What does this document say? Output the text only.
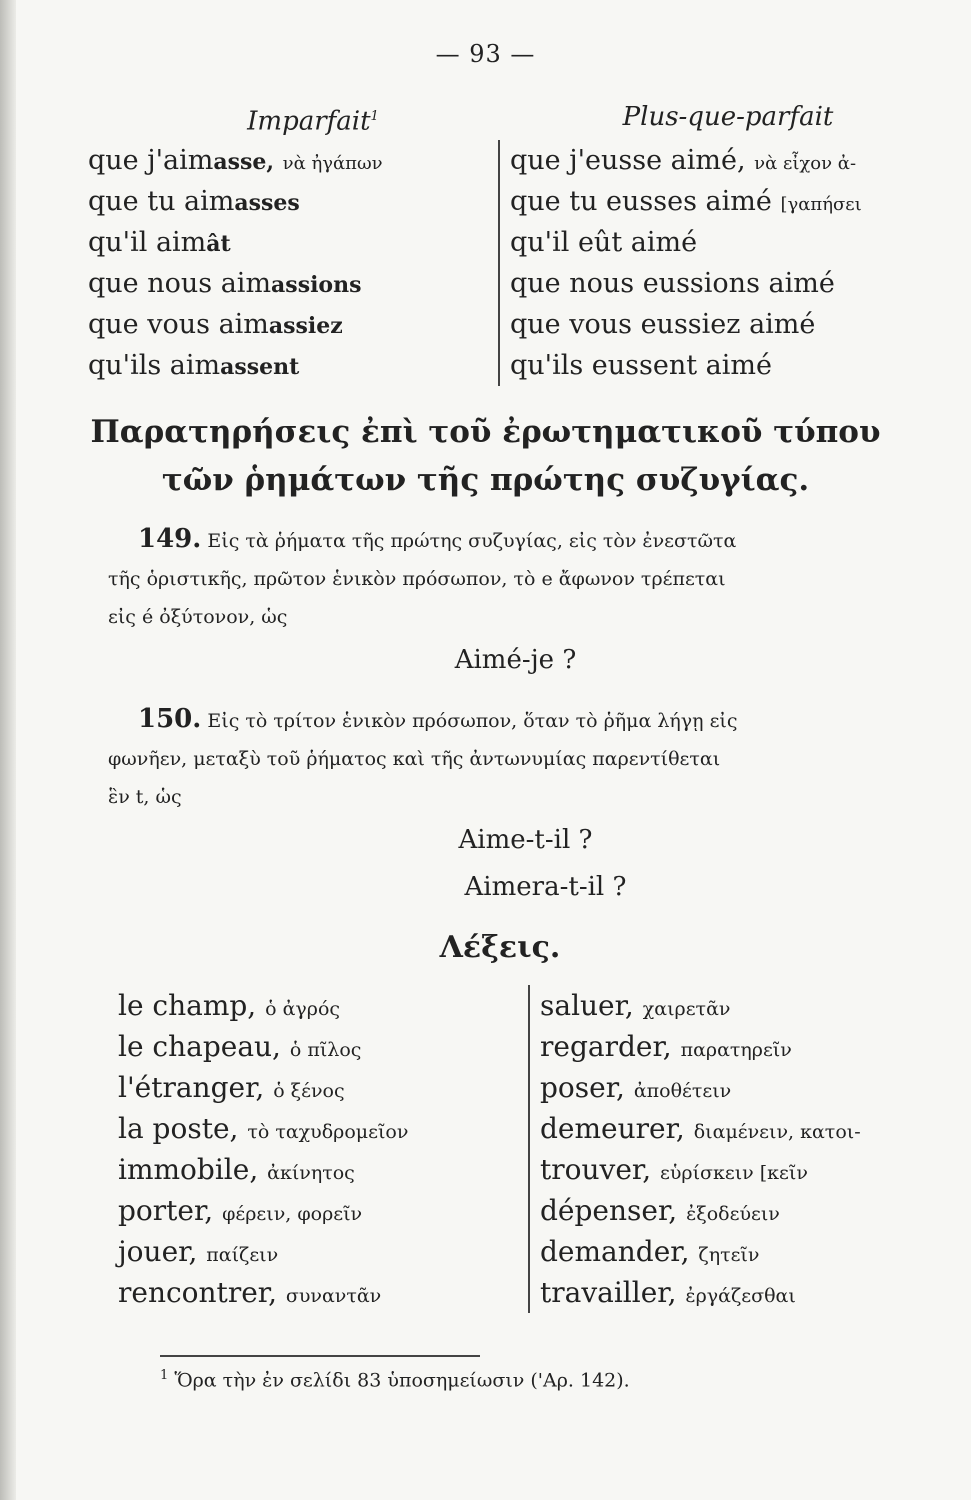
— 93 —
Imparfait$^1$
que j'aimasse, νὰ ἠγάπων
que tu aimasses
qu'il aimât
que nous aimassions
que vous aimassiez
qu'ils aimassent
Plus-que-parfait
que j'eusse aimé, νὰ εἶχον ἀ-
que tu eusses aimé [γαπήσει
qu'il eût aimé
que nous eussions aimé
que vous eussiez aimé
qu'ils eussent aimé
Παρατηρήσεις ἐπὶ τοῦ ἐρωτηματικοῦ τύπου
τῶν ῥημάτων τῆς πρώτης συζυγίας.
149. Εἰς τὰ ῥήματα τῆς πρώτης συζυγίας, εἰς τὸν ἐνεστῶτα
τῆς ὁριστικῆς, πρῶτον ἑνικὸν πρόσωπον, τὸ e ἄφωνον τρέπεται
εἰς é ὀξύτονον, ὡς
Aimé-je ?
150. Εἰς τὸ τρίτον ἑνικὸν πρόσωπον, ὅταν τὸ ῥῆμα λήγῃ εἰς
φωνῆεν, μεταξὺ τοῦ ῥήματος καὶ τῆς ἀντωνυμίας παρεντίθεται
ἓν t, ὡς
Aime-t-il ?
Aimera-t-il ?
Λέξεις.
le champ, ὁ ἀγρός
le chapeau, ὁ πῖλος
l'étranger, ὁ ξένος
la poste, τὸ ταχυδρομεῖον
immobile, ἀκίνητος
porter, φέρειν, φορεῖν
jouer, παίζειν
rencontrer, συναντᾶν
saluer, χαιρετᾶν
regarder, παρατηρεῖν
poser, ἀποθέτειν
demeurer, διαμένειν, κατοι-
trouver, εὑρίσκειν [κεῖν
dépenser, ἐξοδεύειν
demander, ζητεῖν
travailler, ἐργάζεσθαι
$^1$ Ὅρα τὴν ἐν σελίδι 83 ὑποσημείωσιν ('Αρ. 142).
